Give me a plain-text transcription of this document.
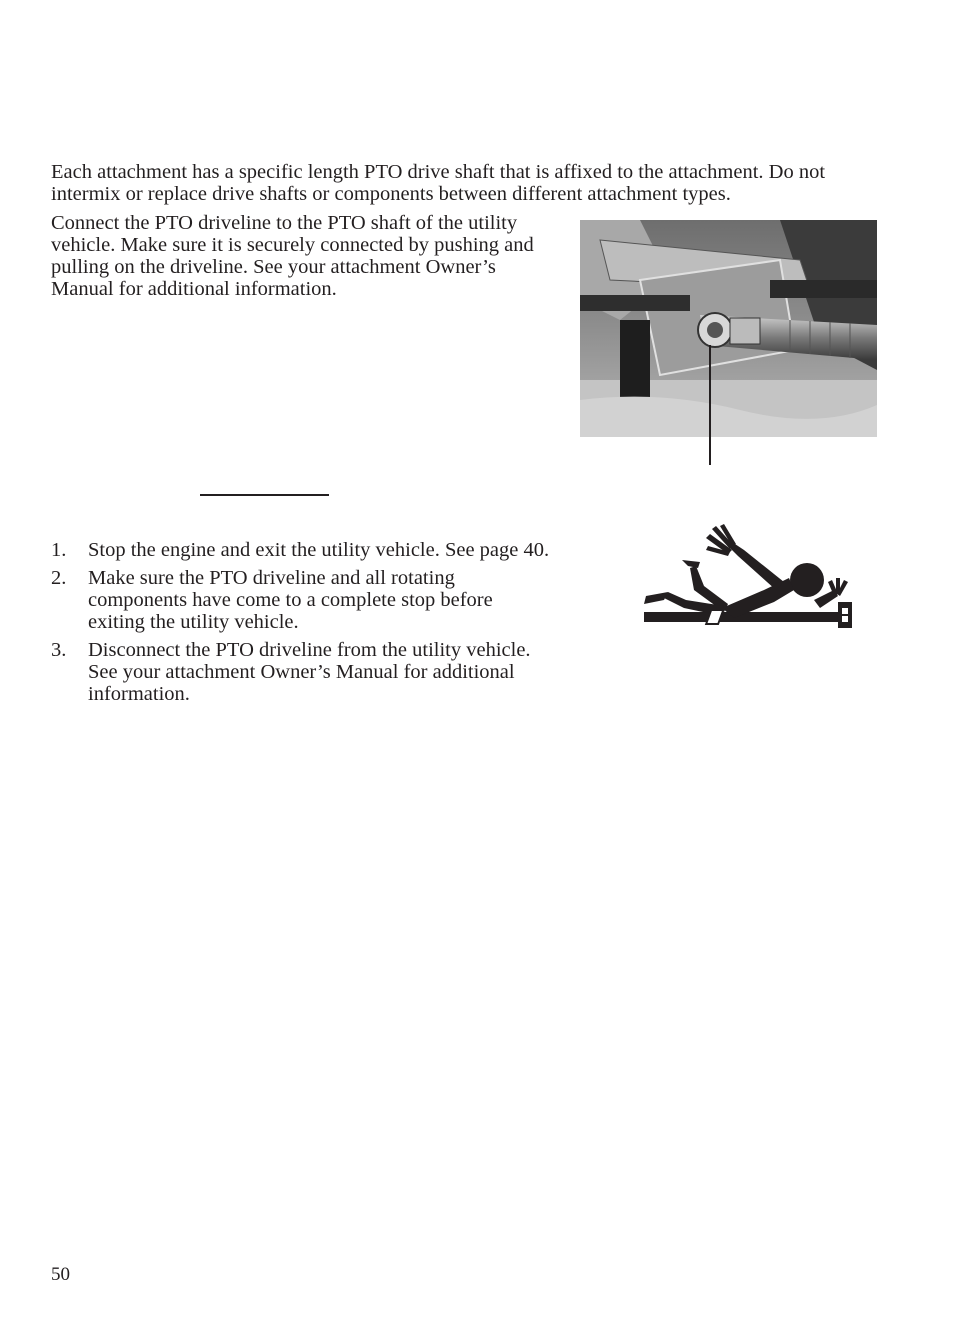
Each attachment has a specific length PTO drive shaft that is affixed to the attachment. Do not intermix or replace drive shafts or components between different attachment types.

Connect the PTO driveline to the PTO shaft of the utility vehicle. Make sure it is securely connected by pushing and pulling on the driveline. See your attachment Owner’s Manual for additional information.

1. Stop the engine and exit the utility vehicle. See page 40.
2. Make sure the PTO driveline and all rotating components have come to a complete stop before exiting the utility vehicle.
3. Disconnect the PTO driveline from the utility vehicle. See your attachment Owner’s Manual for additional information.
50
